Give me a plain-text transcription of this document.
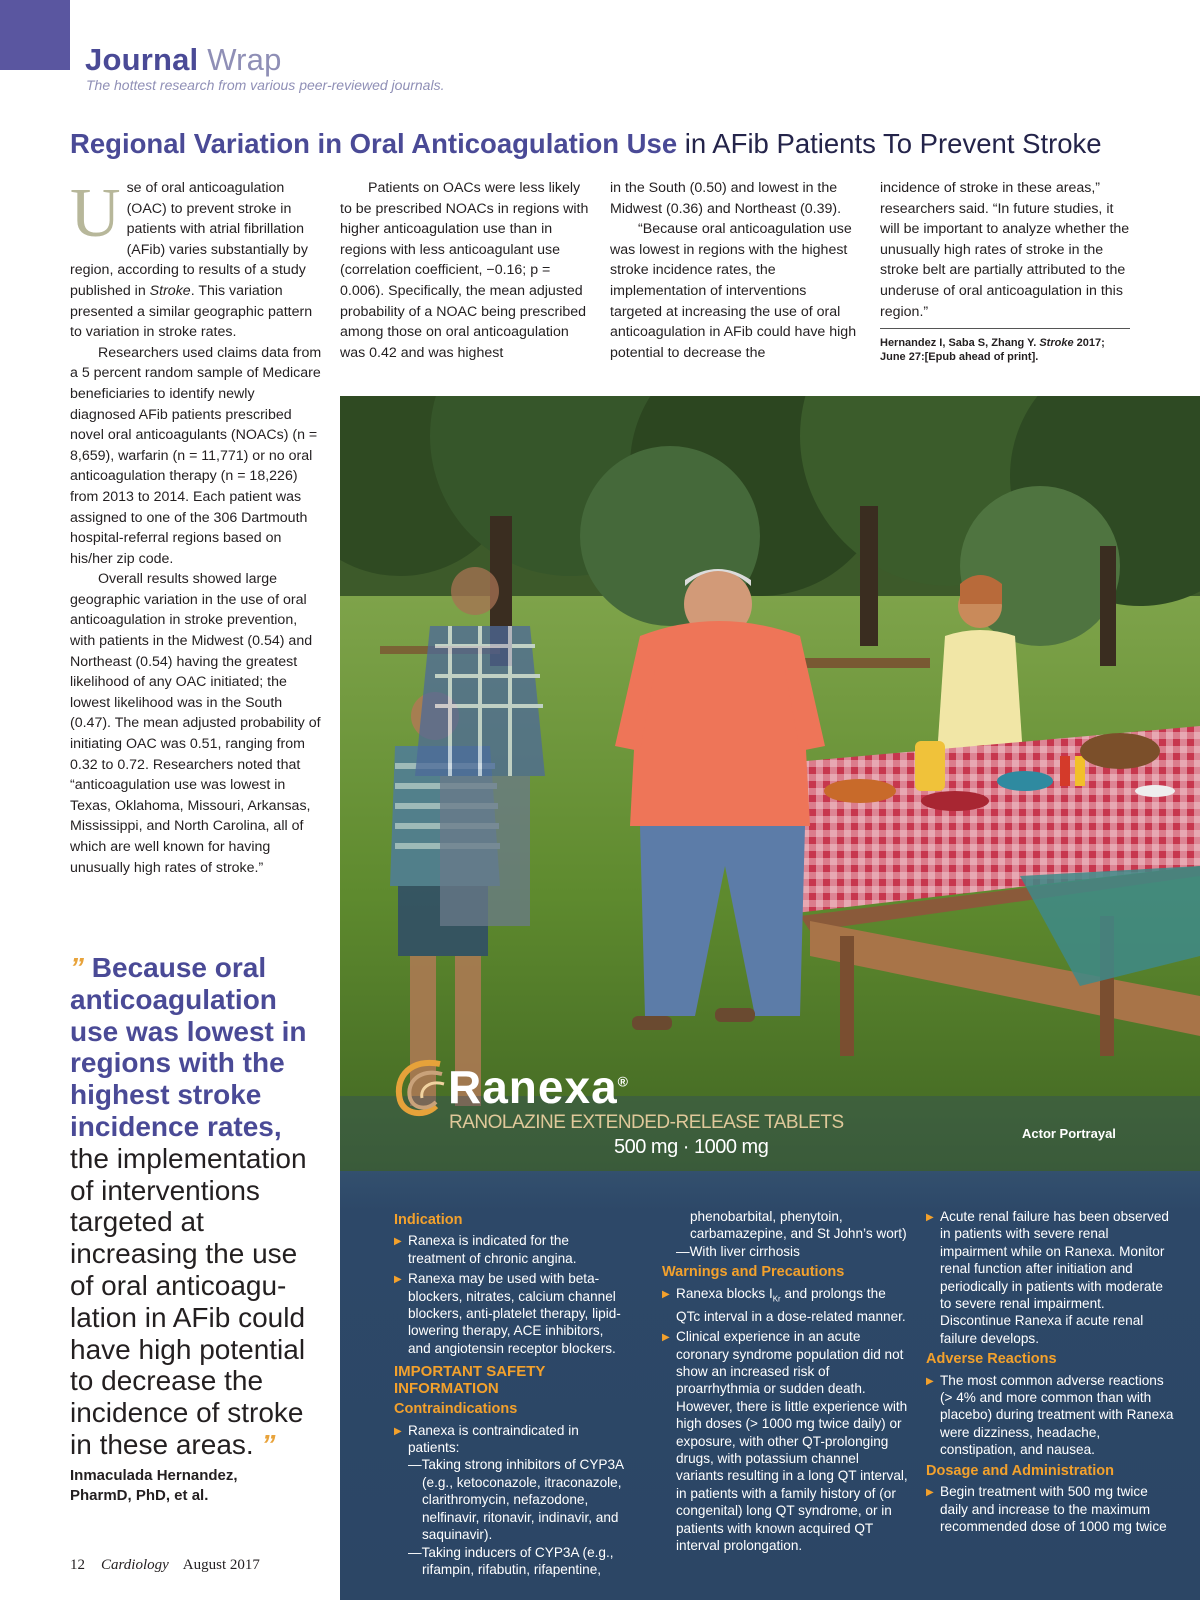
Journal Wrap
The hottest research from various peer-reviewed journals.
Regional Variation in Oral Anticoagulation Use in AFib Patients To Prevent Stroke
U se of oral anticoagulation (OAC) to prevent stroke in patients with atrial fibrillation (AFib) varies substantially by region, according to results of a study published in Stroke. This variation presented a similar geographic pattern to variation in stroke rates.

Researchers used claims data from a 5 percent random sample of Medicare beneficiaries to identify newly diagnosed AFib patients prescribed novel oral anticoagulants (NOACs) (n = 8,659), warfarin (n = 11,771) or no oral anticoagulation therapy (n = 18,226) from 2013 to 2014. Each patient was assigned to one of the 306 Dartmouth hospital-referral regions based on his/her zip code.

Overall results showed large geographic variation in the use of oral anticoagulation in stroke prevention, with patients in the Midwest (0.54) and Northeast (0.54) having the greatest likelihood of any OAC initiated; the lowest likelihood was in the South (0.47). The mean adjusted probability of initiating OAC was 0.51, ranging from 0.32 to 0.72. Researchers noted that “anticoagulation use was lowest in Texas, Oklahoma, Missouri, Arkansas, Mississippi, and North Carolina, all of which are well known for having unusually high rates of stroke.”

Patients on OACs were less likely to be prescribed NOACs in regions with higher anticoagulation use than in regions with less anticoagulant use (correlation coefficient, −0.16; p = 0.006). Specifically, the mean adjusted probability of a NOAC being prescribed among those on oral anticoagulation was 0.42 and was highest

in the South (0.50) and lowest in the Midwest (0.36) and Northeast (0.39).

“Because oral anticoagulation use was lowest in regions with the highest stroke incidence rates, the implementation of interventions targeted at increasing the use of oral anticoagulation in AFib could have high potential to decrease the

incidence of stroke in these areas,” researchers said. “In future studies, it will be important to analyze whether the unusually high rates of stroke in the stroke belt are partially attributed to the underuse of oral anticoagulation in this region.”

Hernandez I, Saba S, Zhang Y. Stroke 2017; June 27:[Epub ahead of print].

” Because oral anticoagulation use was lowest in regions with the highest stroke incidence rates, the implementation of interventions targeted at increasing the use of oral anticoagulation in AFib could have high potential to decrease the incidence of stroke in these areas. ”
Inmaculada Hernandez,
PharmD, PhD, et al.
12 Cardiology August 2017
Ranexa®
RANOLAZINE EXTENDED-RELEASE TABLETS
500 mg · 1000 mg
Actor Portrayal
Indication
▶ Ranexa is indicated for the treatment of chronic angina.
▶ Ranexa may be used with beta-blockers, nitrates, calcium channel blockers, anti-platelet therapy, lipid-lowering therapy, ACE inhibitors, and angiotensin receptor blockers.
IMPORTANT SAFETY INFORMATION
Contraindications
▶ Ranexa is contraindicated in patients:
—Taking strong inhibitors of CYP3A (e.g., ketoconazole, itraconazole, clarithromycin, nefazodone, nelfinavir, ritonavir, indinavir, and saquinavir).
—Taking inducers of CYP3A (e.g., rifampin, rifabutin, rifapentine,
phenobarbital, phenytoin, carbamazepine, and St John’s wort)
—With liver cirrhosis
Warnings and Precautions
▶ Ranexa blocks $I_{Kr}$ and prolongs the QTc interval in a dose-related manner.
▶ Clinical experience in an acute coronary syndrome population did not show an increased risk of proarrhythmia or sudden death. However, there is little experience with high doses (> 1000 mg twice daily) or exposure, with other QT-prolonging drugs, with potassium channel variants resulting in a long QT interval, in patients with a family history of (or congenital) long QT syndrome, or in patients with known acquired QT interval prolongation.
▶ Acute renal failure has been observed in patients with severe renal impairment while on Ranexa. Monitor renal function after initiation and periodically in patients with moderate to severe renal impairment. Discontinue Ranexa if acute renal failure develops.
Adverse Reactions
▶ The most common adverse reactions (> 4% and more common than with placebo) during treatment with Ranexa were dizziness, headache, constipation, and nausea.
Dosage and Administration
▶ Begin treatment with 500 mg twice daily and increase to the maximum recommended dose of 1000 mg twice
